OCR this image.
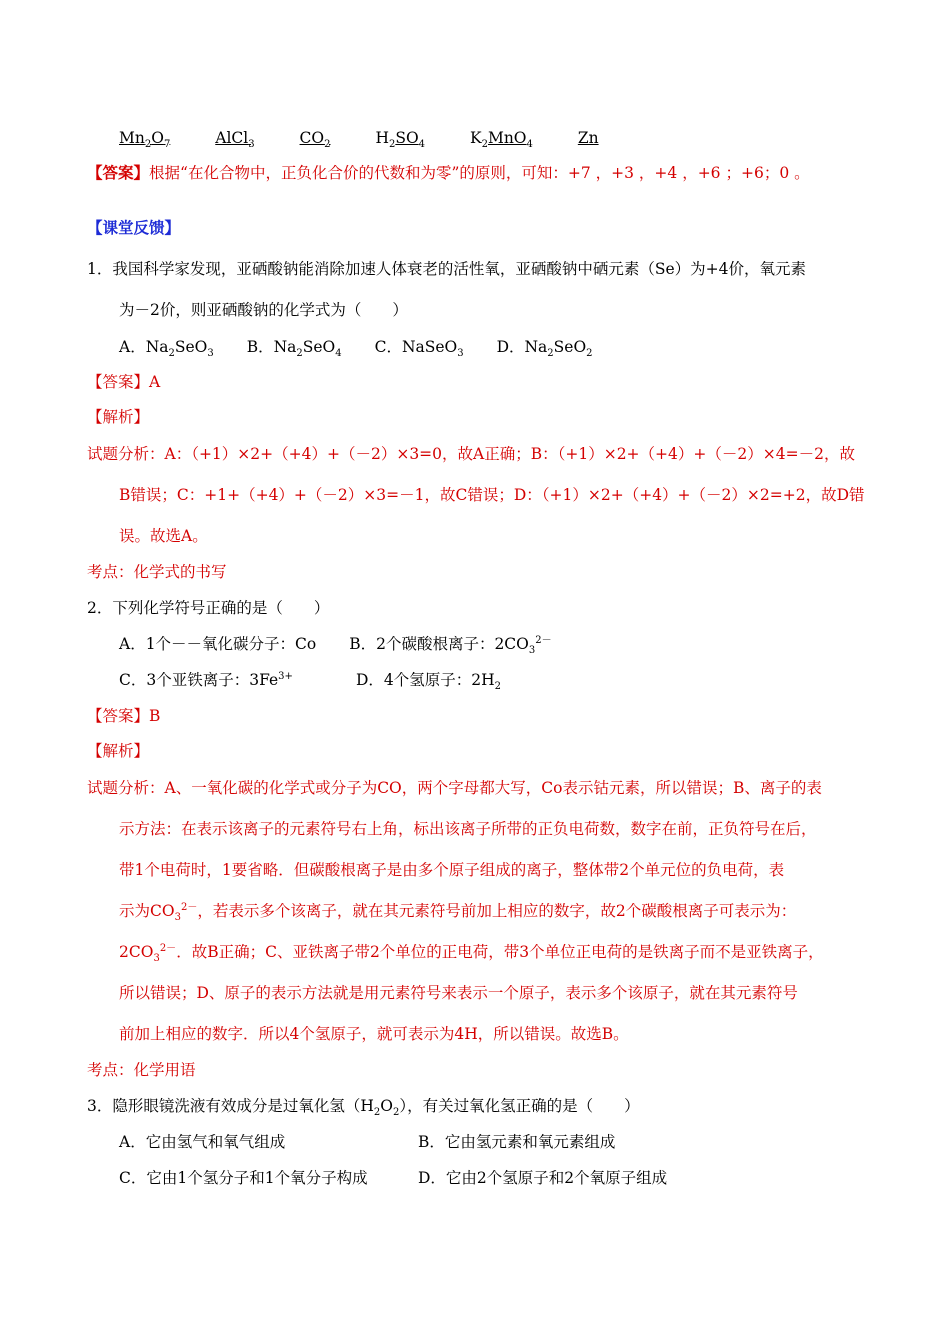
$Mn_2O_7$	AlCl$_3$	$CO_2$	$H_2SO_4$	$K_2MnO_4$	Zn
【答案】根据“在化合物中，正负化合价的代数和为零”的原则，可知：+7 ，+3 ，+4 ，+6 ；+6；0 。
【课堂反馈】
1．我国科学家发现，亚硒酸钠能消除加速人体衰老的活性氧，亚硒酸钠中硒元素（Se）为+4价，氧元素
为－2价，则亚硒酸钠的化学式为（　　）
A．$Na_2SeO_3$ B．$Na_2SeO_4$ C．NaSeO$_3$ D．$Na_2SeO_2$
【答案】A
【解析】
试题分析：A：（+1）×2+（+4）+（－2）×3=0，故A正确；B：（+1）×2+（+4）+（－2）×4=－2，故
B错误；C：+1+（+4）+（－2）×3=－1，故C错误；D：（+1）×2+（+4）+（－2）×2=+2，故D错
误。故选A。
考点：化学式的书写
2．下列化学符号正确的是（　　）
A．1个－－氧化碳分子：Co B．2个碳酸根离子：$2CO_3^{2-}$
C．3个亚铁离子：$3Fe^{3+}$	D．4个氢原子：$2H_2$
【答案】B
【解析】
试题分析：A、一氧化碳的化学式或分子为CO，两个字母都大写，Co表示钴元素，所以错误；B、离子的表
示方法：在表示该离子的元素符号右上角，标出该离子所带的正负电荷数，数字在前，正负符号在后，
带1个电荷时，1要省略．但碳酸根离子是由多个原子组成的离子，整体带2个单元位的负电荷，表
示为$CO_3^{2-}$，若表示多个该离子，就在其元素符号前加上相应的数字，故2个碳酸根离子可表示为：
$2CO_3^{2-}$．故B正确；C、亚铁离子带2个单位的正电荷，带3个单位正电荷的是铁离子而不是亚铁离子，
所以错误；D、原子的表示方法就是用元素符号来表示一个原子，表示多个该原子，就在其元素符号
前加上相应的数字．所以4个氢原子，就可表示为4H，所以错误。故选B。
考点：化学用语
3．隐形眼镜洗液有效成分是过氧化氢$(H_2O_2)$，有关过氧化氢正确的是（　　）
A．它由氢气和氧气组成	B．它由氢元素和氧元素组成
C．它由1个氢分子和1个氧分子构成	D．它由2个氢原子和2个氧原子组成
